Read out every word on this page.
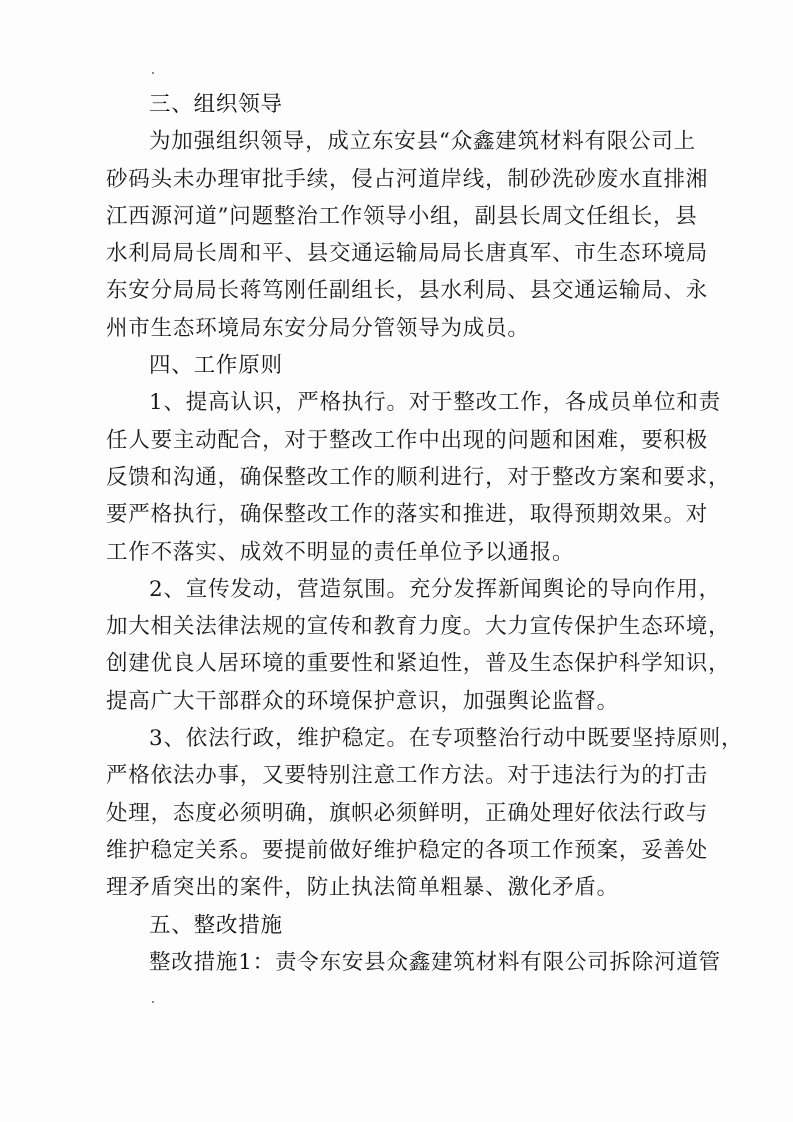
三、组织领导

为加强组织领导，成立东安县“众鑫建筑材料有限公司上
砂码头未办理审批手续，侵占河道岸线，制砂洗砂废水直排湘
江西源河道”问题整治工作领导小组，副县长周文任组长，县
水利局局长周和平、县交通运输局局长唐真军、市生态环境局
东安分局局长蒋笃刚任副组长，县水利局、县交通运输局、永
州市生态环境局东安分局分管领导为成员。

四、工作原则

1、提高认识，严格执行。对于整改工作，各成员单位和责
任人要主动配合，对于整改工作中出现的问题和困难，要积极
反馈和沟通，确保整改工作的顺利进行，对于整改方案和要求，
要严格执行，确保整改工作的落实和推进，取得预期效果。对
工作不落实、成效不明显的责任单位予以通报。

2、宣传发动，营造氛围。充分发挥新闻舆论的导向作用，
加大相关法律法规的宣传和教育力度。大力宣传保护生态环境，
创建优良人居环境的重要性和紧迫性，普及生态保护科学知识，
提高广大干部群众的环境保护意识，加强舆论监督。

3、依法行政，维护稳定。在专项整治行动中既要坚持原则，
严格依法办事，又要特别注意工作方法。对于违法行为的打击
处理，态度必须明确，旗帜必须鲜明，正确处理好依法行政与
维护稳定关系。要提前做好维护稳定的各项工作预案，妥善处
理矛盾突出的案件，防止执法简单粗暴、激化矛盾。

五、整改措施

整改措施1：责令东安县众鑫建筑材料有限公司拆除河道管
